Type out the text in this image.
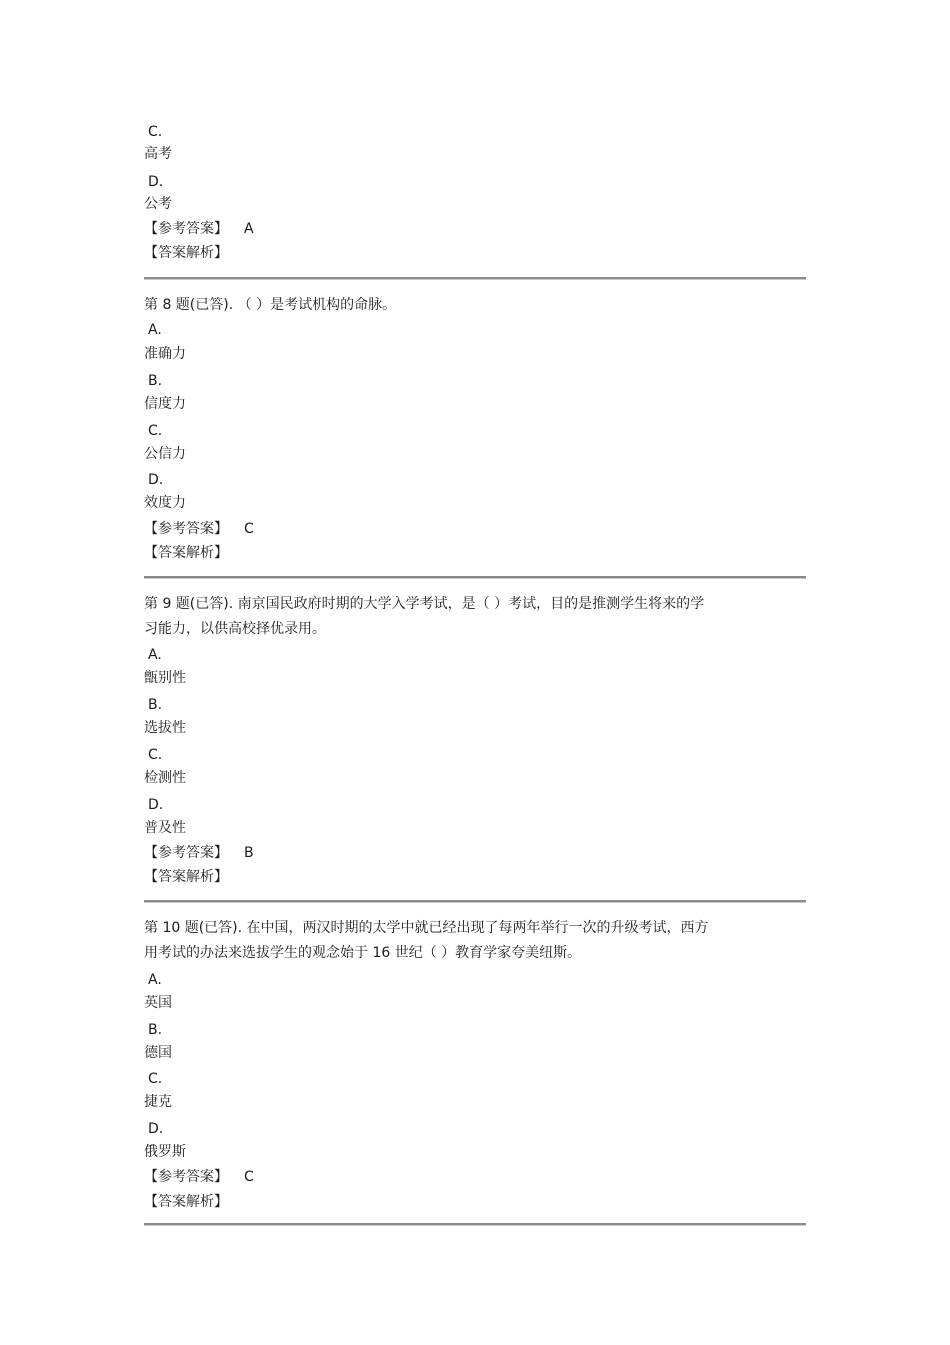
C.
高考
D.
公考
【参考答案】 A
【答案解析】
第 8 题(已答). （ ）是考试机构的命脉。
A.
准确力
B.
信度力
C.
公信力
D.
效度力
【参考答案】 C
【答案解析】
第 9 题(已答). 南京国民政府时期的大学入学考试，是（ ）考试，目的是推测学生将来的学
习能力，以供高校择优录用。
A.
甑别性
B.
选拔性
C.
检测性
D.
普及性
【参考答案】 B
【答案解析】
第 10 题(已答). 在中国，两汉时期的太学中就已经出现了每两年举行一次的升级考试，西方
用考试的办法来选拔学生的观念始于 16 世纪（ ）教育学家夸美纽斯。
A.
英国
B.
德国
C.
捷克
D.
俄罗斯
【参考答案】 C
【答案解析】
